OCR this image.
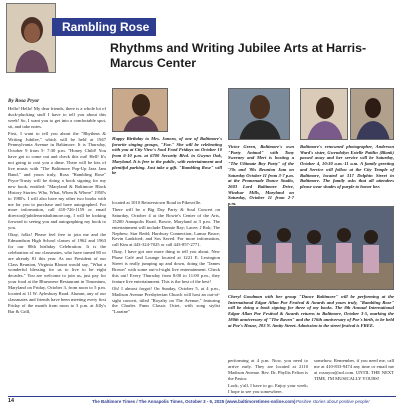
Rambling Rose
Rhythms and Writing Jubilee Arts at Harris-Marcus Center
By Rosa Pryor

Hello! Hello! My dear friends, there is a whole lot of duck-plucking stuff I have to tell you about this week! So, I want you to get into a comfortable spot, sit, and take notes.

First, I want to tell you about the "Rhythms & Writing Jubilee," which will be held at 1947 Pennsylvania Avenue in Baltimore. It is Thursday, October 9 from 5- 7:30 p.m. "Honey Child! You have got to come out and check this out! Hell! It's not going to cost you a dime. There will be lots of live music with "The Baltimore Pop-Up Jazz Jam Band," and yours truly, Rosa "Rambling Rose" Pryor-Trusty will be doing a book signing for my new book, entitled: "Maryland & Baltimore Black History Stories: Who, What, When & Where" 1950's to 1980's. I will also have my other two books with me for you to purchase and have autographed. For more information, call 410-726-1159 or email director@jubileeartsbaltimore.org. I will be looking forward to seeing you and autographing my book to you.

Okay, folks! Please feel free to join me and the Edmondson High School classes of 1962 and 1963 for our 80th birthday Celebration. It is the celebration of our classmates, who have turned 80 or are already 81 this year. As our President of our Class Reunion, Virginia Blount would say, "What a wonderful blessing for us to live to be eight decades." You are welcome to join us, just pay for your food at the Blueonese Restaurant in Timonium, Maryland on Friday, October 3, from noon to 5 p.m. located at 11 W. Aylesbury Road. Alumni, any of our classmates and friends have been meeting every first Friday of the month from noon to 3 p.m. at Jilly's Bar & Grill,

Happy Birthday to Mrs. Janora, of one of Baltimore's favorite singing groups, "Fae." She will be celebrating with you at City View's Soul Food Fridays on October 10 from 6-10 p.m. at 6700 Security Blvd. in Gwynn Oak, Maryland. It is free to the public, with entertainment and plentiful parking. Just take a gift. "Rambling Rose" will be
Victor Green, Baltimore's own "Party Animal" with Tony Sweeney and Mert is hosting a "The Ultimate Boy Party" of the '70s and '80s Reunion Jam on Saturday October 11 from 3-7 p.m. at the Promenade Dance Studio, 2603 Lord Baltimore Drive, Windsor Mills, Maryland on Saturday, October 11 from 2-7 p.m.
Baltimore's renowned photographer, Anderson Ward's sister, Gwendolyn Estelle Pattlin (Blank) passed away and her service will be Saturday, October 4, 10:30 a.m.-11 a.m. A family greeting and Service will follow at the City Temple of Baltimore, located at 317 Dolphin Street in Baltimore. The family asks that all attendees please wear shades of purple to honor her.

located at 1010 Reisterstown Road in Pikesville.

There will be a Big Day Party & Soul Concert on Saturday, October 4 at the Bowie's Center of the Arts, 15200 Annapolis Road, Bowie, Maryland at 3 p.m. The entertainment will include Donnie Ray; Lacee; J Rok; The Nephew; Star Redd; Hardway Connection; Lamar Bruce; Kevin Lankford; and Sos Saved. For more information, call Kim at 443-324-7025 or call 443-857-2771.

Okay, I have got one more thing to tell you about. New Phase Café and Lounge located at 1221 E. Lexington Street is really jumping up and down, doing the "James Brown" with some out-of-sight live entertainment. Check this out! Every Thursday from 8:00 to 11:00 p.m., they feature live entertainment. This is the best of the best!

Oh! I almost forgot! On Sunday, October 5, at 4 p.m., Madison Avenue Presbyterian Church will host an out-of-sight concert, titled "Royalty on The Avenue," featuring the Charles Funn Classic Octet, with song stylist "Laraine"

Cheryl Goodman with her group "Dance Baltimore" will be performing at the International Edgar Allan Poe Festival & Awards and yours truly, "Rambling Rose" will be doing a book signing for three of my books. The 8th Annual International Edgar Allan Poe Festival & Awards returns to Baltimore, October 3-5, marking the 180th anniversary of "The Raven" and the 176th anniversary of Poe's birth, to be held at Poe's House, 203 N. Amity Street. Admission to the street festival is FREE.

performing at 4 p.m. Now, you need to arrive early. They are located at 2110 Madison Avenue. Rev. Dr. Phyllis Felton is the Pastor.

Look, y'all, I have to go. Enjoy your week; I hope to see you somewhere,

somehow. Remember, if you need me, call me at 410-833-9474 any time or email me at rosaryor@aol.com. UNTIL THE NEXT TIME, I'M MUSICALLY YOURS!

14	The Baltimore Times / The Annapolis Times, October 3 - 9, 2025 (www.baltimoretimes-online.com) Positive stories about positive people!
